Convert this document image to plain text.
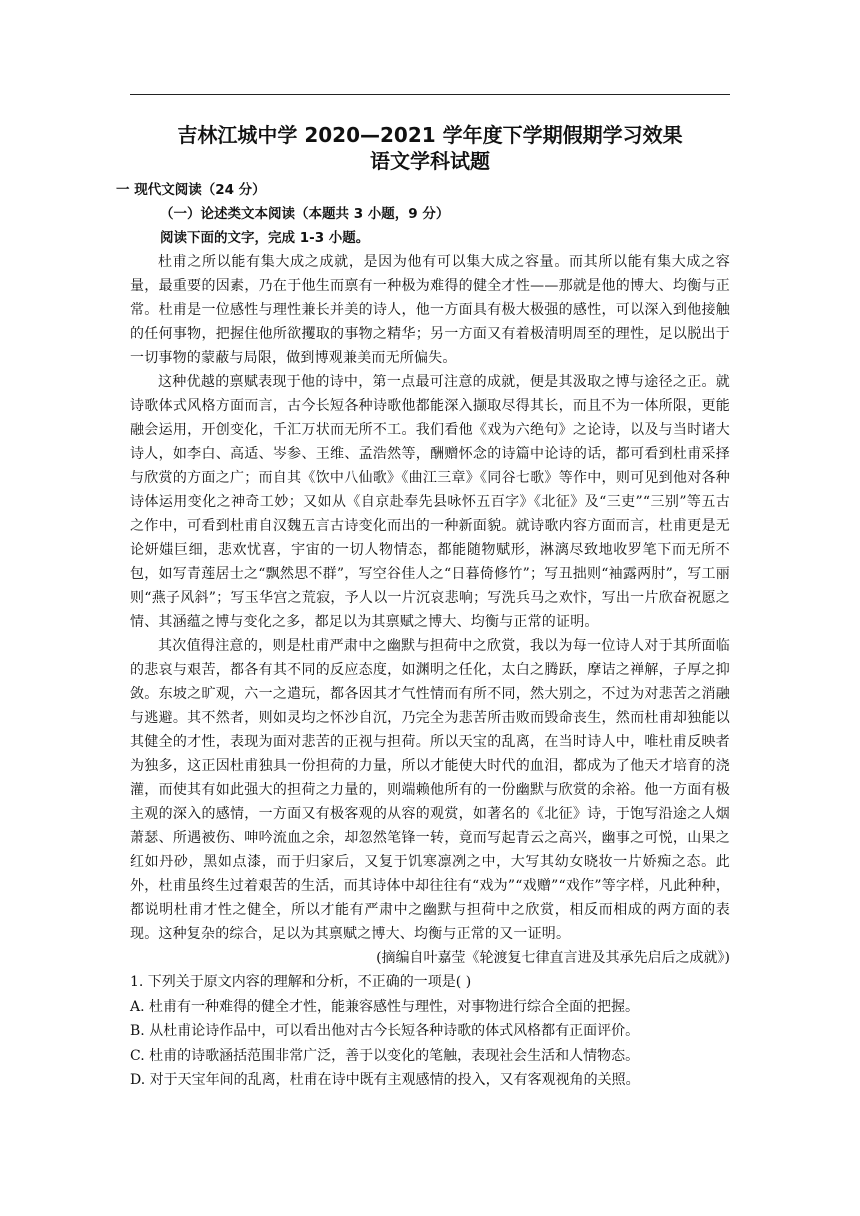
吉林江城中学 2020—2021 学年度下学期假期学习效果

语文学科试题

一 现代文阅读（24 分）

（一）论述类文本阅读（本题共 3 小题，9 分）

阅读下面的文字，完成 1-3 小题。

杜甫之所以能有集大成之成就，是因为他有可以集大成之容量。而其所以能有集大成之容量，最重要的因素，乃在于他生而禀有一种极为难得的健全才性——那就是他的博大、均衡与正常。杜甫是一位感性与理性兼长并美的诗人，他一方面具有极大极强的感性，可以深入到他接触的任何事物，把握住他所欲攫取的事物之精华；另一方面又有着极清明周至的理性，足以脱出于一切事物的蒙蔽与局限，做到博观兼美而无所偏失。

这种优越的禀赋表现于他的诗中，第一点最可注意的成就，便是其汲取之博与途径之正。就诗歌体式风格方面而言，古今长短各种诗歌他都能深入撷取尽得其长，而且不为一体所限，更能融会运用，开创变化，千汇万状而无所不工。我们看他《戏为六绝句》之论诗，以及与当时诸大诗人，如李白、高适、岑参、王维、孟浩然等，酬赠怀念的诗篇中论诗的话，都可看到杜甫采择与欣赏的方面之广；而自其《饮中八仙歌》《曲江三章》《同谷七歌》等作中，则可见到他对各种诗体运用变化之神奇工妙；又如从《自京赴奉先县咏怀五百字》《北征》及“三吏”“三别”等五古之作中，可看到杜甫自汉魏五言古诗变化而出的一种新面貌。就诗歌内容方面而言，杜甫更是无论妍媸巨细，悲欢忧喜，宇宙的一切人物情态，都能随物赋形，淋漓尽致地收罗笔下而无所不包，如写青莲居士之“飘然思不群”，写空谷佳人之“日暮倚修竹”；写丑拙则“袖露两肘”，写工丽则“燕子风斜”；写玉华宫之荒寂，予人以一片沉哀悲响；写洗兵马之欢忭，写出一片欣奋祝愿之情、其涵蕴之博与变化之多，都足以为其禀赋之博大、均衡与正常的证明。

其次值得注意的，则是杜甫严肃中之幽默与担荷中之欣赏，我以为每一位诗人对于其所面临的悲哀与艰苦，都各有其不同的反应态度，如渊明之任化，太白之腾跃，摩诘之禅解，子厚之抑敛。东坡之旷观，六一之遣玩，都各因其才气性情而有所不同，然大别之，不过为对悲苦之消融与逃避。其不然者，则如灵均之怀沙自沉，乃完全为悲苦所击败而毁命丧生，然而杜甫却独能以其健全的才性，表现为面对悲苦的正视与担荷。所以天宝的乱离，在当时诗人中，唯杜甫反映者为独多，这正因杜甫独具一份担荷的力量，所以才能使大时代的血泪，都成为了他天才培育的浇灌，而使其有如此强大的担荷之力量的，则端赖他所有的一份幽默与欣赏的余裕。他一方面有极主观的深入的感情，一方面又有极客观的从容的观赏，如著名的《北征》诗，于饱写沿途之人烟萧瑟、所遇被伤、呻吟流血之余，却忽然笔锋一转，竟而写起青云之高兴，幽事之可悦，山果之红如丹砂，黑如点漆，而于归家后，又复于饥寒凛冽之中，大写其幼女晓妆一片娇痴之态。此外，杜甫虽终生过着艰苦的生活，而其诗体中却往往有“戏为”“戏赠”“戏作”等字样，凡此种种，都说明杜甫才性之健全，所以才能有严肃中之幽默与担荷中之欣赏，相反而相成的两方面的表现。这种复杂的综合，足以为其禀赋之博大、均衡与正常的又一证明。

(摘编自叶嘉莹《轮渡复七律直言进及其承先启后之成就》)

1. 下列关于原文内容的理解和分析，不正确的一项是( )

A. 杜甫有一种难得的健全才性，能兼容感性与理性，对事物进行综合全面的把握。

B. 从杜甫论诗作品中，可以看出他对古今长短各种诗歌的体式风格都有正面评价。

C. 杜甫的诗歌涵括范围非常广泛，善于以变化的笔触，表现社会生活和人情物态。

D. 对于天宝年间的乱离，杜甫在诗中既有主观感情的投入，又有客观视角的关照。
